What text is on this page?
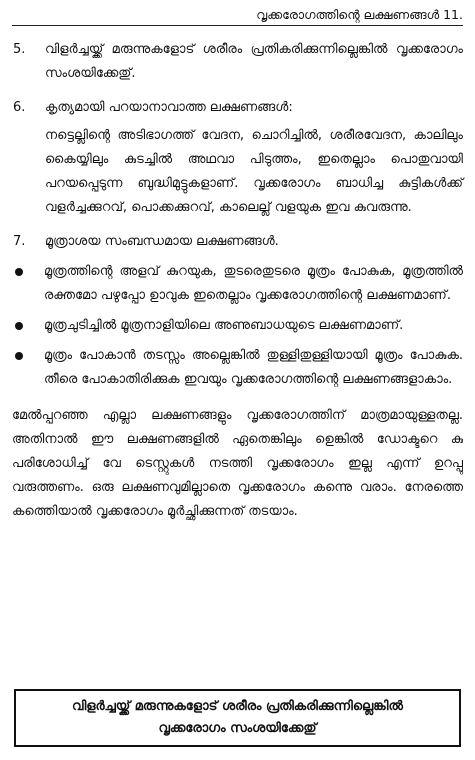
വൃക്കരോഗത്തിന്റെ ലക്ഷണങ്ങൾ 11.
5.	വിളർച്ചയ്ക്ക് മരുന്നുകളോട് ശരീരം പ്രതികരിക്കുന്നില്ലെങ്കിൽ വൃക്കരോഗം സംശയിക്കേതു്.
6.	കൃത്യമായി പറയാനാവാത്ത ലക്ഷണങ്ങൾ:
നട്ടെല്ലിന്റെ അടിഭാഗത്ത് വേദന, ചൊറിച്ചിൽ, ശരീരവേദന, കാലിലും കൈയ്യിലും കുടച്ചിൽ അഥവാ പിടുത്തം, ഇതെല്ലാം പൊതുവായി പറയപ്പെടുന്ന ബുദ്ധിമുട്ടുകളാണ്. വൃക്കരോഗം ബാധിച്ച കുട്ടികൾക്ക് വളർച്ചക്കുറവ്, പൊക്കക്കുറവ്, കാലെല്ല് വളയുക ഇവ കുവരുന്നു.
7.	മൂത്രാശയ സംബന്ധമായ ലക്ഷണങ്ങൾ.
മൂത്രത്തിന്റെ അളവ് കുറയുക, തുടരെതുടരെ മൂത്രം പോകുക, മൂത്രത്തിൽ രക്തമോ പഴുപ്പോ ഉാവുക ഇതെല്ലാം വൃക്കരോഗത്തിന്റെ ലക്ഷണമാണ്.
മൂത്രചുടിച്ചിൽ മൂത്രനാളിയിലെ അണുബാധയുടെ ലക്ഷണമാണ്.
മൂത്രം പോകാൻ തടസ്സം അല്ലെങ്കിൽ തുള്ളിതുള്ളിയായി മൂത്രം പോകുക. തീരെ പോകാതിരിക്കുക ഇവയും വൃക്കരോഗത്തിന്റെ ലക്ഷണങ്ങളാകാം.
മേൽപ്പറഞ്ഞ എല്ലാ ലക്ഷണങ്ങളും വൃക്കരോഗത്തിന് മാത്രമായുള്ളതല്ല. അതിനാൽ ഈ ലക്ഷണങ്ങളിൽ ഏതെങ്കിലും ഉെങ്കിൽ ഡോക്ടറെ കു പരിശോധിച്ച് വേ ടെസ്റ്റുകൾ നടത്തി വൃക്കരോഗം ഇല്ല എന്ന് ഉറപ്പു വരുത്തണം. ഒരു ലക്ഷണവുമില്ലാതെ വൃക്കരോഗം കന്നെു വരാം. നേരത്തെ കത്തെിയാൽ വൃക്കരോഗം മൂർച്ഛിക്കുന്നത് തടയാം.
വിളർച്ചയ്ക്ക് മരുന്നുകളോട് ശരീരം പ്രതികരിക്കുന്നില്ലെങ്കിൽ
വൃക്കരോഗം സംശയിക്കേതു്
